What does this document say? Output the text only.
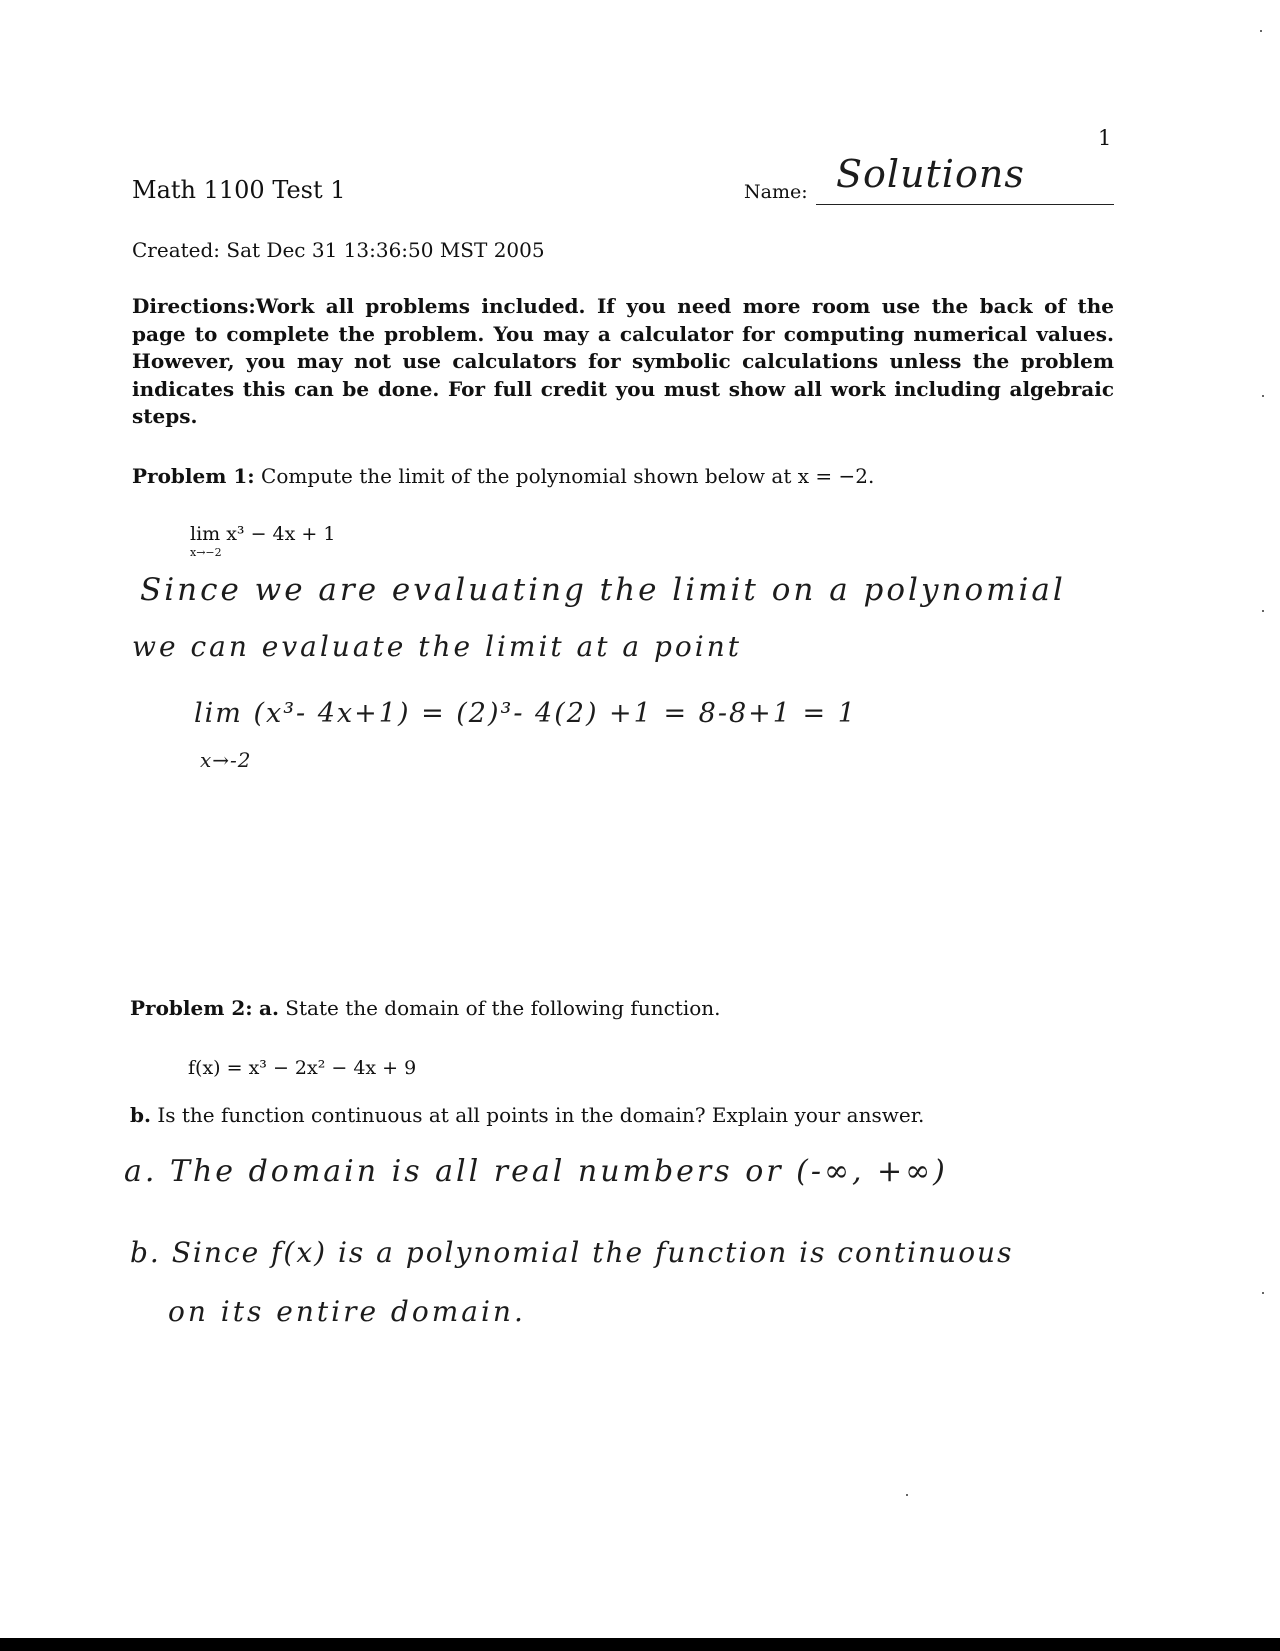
1
Math 1100 Test 1	Name: Solutions
Created: Sat Dec 31 13:36:50 MST 2005
Directions:Work all problems included. If you need more room use the back of the page to complete the problem. You may a calculator for computing numerical values. However, you may not use calculators for symbolic calculations unless the problem indicates this can be done. For full credit you must show all work including algebraic steps.
Problem 1: Compute the limit of the polynomial shown below at x = −2.
lim x³ − 4x + 1
x→−2
Since we are evaluating the limit on a polynomial
we can evaluate the limit at a point
lim (x³- 4x+1) = (2)³- 4(2) +1 = 8-8+1 = 1
x→-2
Problem 2: a. State the domain of the following function.
f(x) = x³ − 2x² − 4x + 9
b. Is the function continuous at all points in the domain? Explain your answer.
a. The domain is all real numbers or (-∞, +∞)
b. Since f(x) is a polynomial the function is continuous
on its entire domain.
